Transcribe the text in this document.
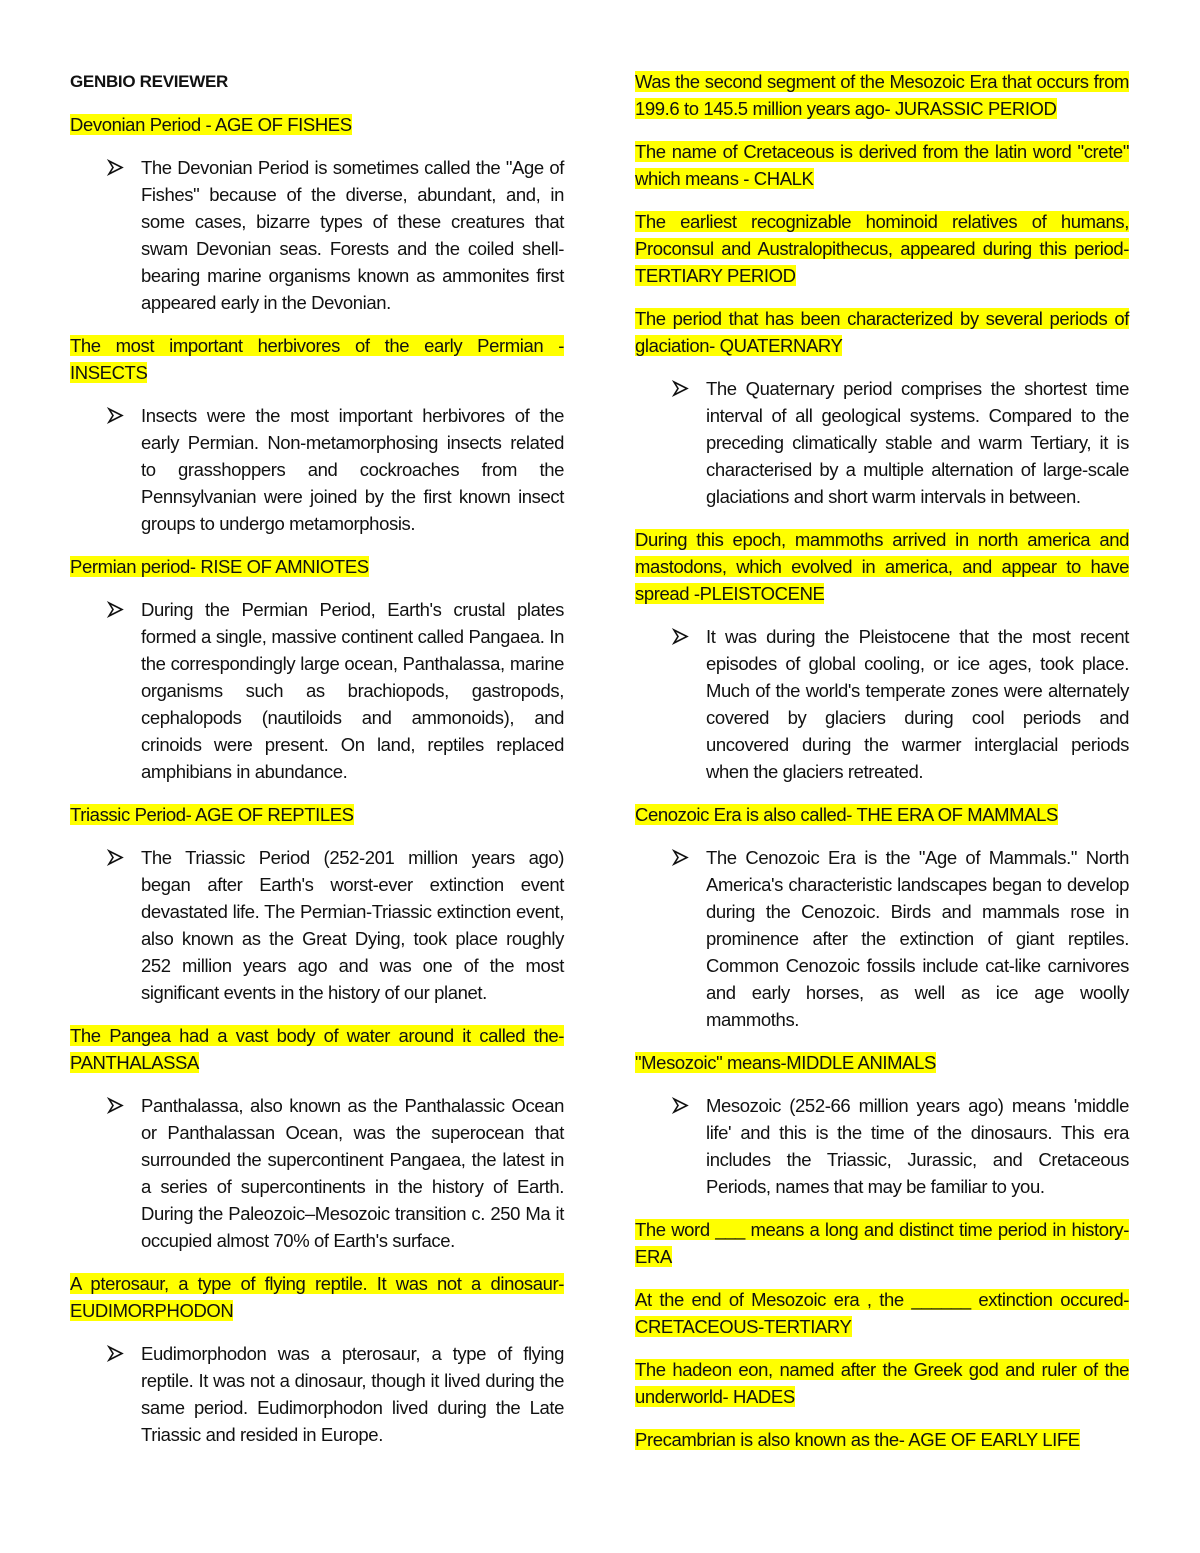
GENBIO REVIEWER

Devonian Period - AGE OF FISHES

The Devonian Period is sometimes called the "Age of Fishes" because of the diverse, abundant, and, in some cases, bizarre types of these creatures that swam Devonian seas. Forests and the coiled shell-bearing marine organisms known as ammonites first appeared early in the Devonian.

The most important herbivores of the early Permian - INSECTS

Insects were the most important herbivores of the early Permian. Non-metamorphosing insects related to grasshoppers and cockroaches from the Pennsylvanian were joined by the first known insect groups to undergo metamorphosis.

Permian period- RISE OF AMNIOTES

During the Permian Period, Earth's crustal plates formed a single, massive continent called Pangaea. In the correspondingly large ocean, Panthalassa, marine organisms such as brachiopods, gastropods, cephalopods (nautiloids and ammonoids), and crinoids were present. On land, reptiles replaced amphibians in abundance.

Triassic Period- AGE OF REPTILES

The Triassic Period (252-201 million years ago) began after Earth's worst-ever extinction event devastated life. The Permian-Triassic extinction event, also known as the Great Dying, took place roughly 252 million years ago and was one of the most significant events in the history of our planet.

The Pangea had a vast body of water around it called the- PANTHALASSA

Panthalassa, also known as the Panthalassic Ocean or Panthalassan Ocean, was the superocean that surrounded the supercontinent Pangaea, the latest in a series of supercontinents in the history of Earth. During the Paleozoic–Mesozoic transition c. 250 Ma it occupied almost 70% of Earth's surface.

A pterosaur, a type of flying reptile. It was not a dinosaur- EUDIMORPHODON

Eudimorphodon was a pterosaur, a type of flying reptile. It was not a dinosaur, though it lived during the same period. Eudimorphodon lived during the Late Triassic and resided in Europe.

Was the second segment of the Mesozoic Era that occurs from 199.6 to 145.5 million years ago- JURASSIC PERIOD

The name of Cretaceous is derived from the latin word "crete" which means - CHALK

The earliest recognizable hominoid relatives of humans, Proconsul and Australopithecus, appeared during this period- TERTIARY PERIOD

The period that has been characterized by several periods of glaciation- QUATERNARY

The Quaternary period comprises the shortest time interval of all geological systems. Compared to the preceding climatically stable and warm Tertiary, it is characterised by a multiple alternation of large-scale glaciations and short warm intervals in between.

During this epoch, mammoths arrived in north america and mastodons, which evolved in america, and appear to have spread -PLEISTOCENE

It was during the Pleistocene that the most recent episodes of global cooling, or ice ages, took place. Much of the world's temperate zones were alternately covered by glaciers during cool periods and uncovered during the warmer interglacial periods when the glaciers retreated.

Cenozoic Era is also called- THE ERA OF MAMMALS

The Cenozoic Era is the "Age of Mammals." North America's characteristic landscapes began to develop during the Cenozoic. Birds and mammals rose in prominence after the extinction of giant reptiles. Common Cenozoic fossils include cat-like carnivores and early horses, as well as ice age woolly mammoths.

"Mesozoic" means-MIDDLE ANIMALS

Mesozoic (252-66 million years ago) means 'middle life' and this is the time of the dinosaurs. This era includes the Triassic, Jurassic, and Cretaceous Periods, names that may be familiar to you.

The word ___ means a long and distinct time period in history- ERA

At the end of Mesozoic era , the ______ extinction occured- CRETACEOUS-TERTIARY

The hadeon eon, named after the Greek god and ruler of the underworld- HADES

Precambrian is also known as the- AGE OF EARLY LIFE
